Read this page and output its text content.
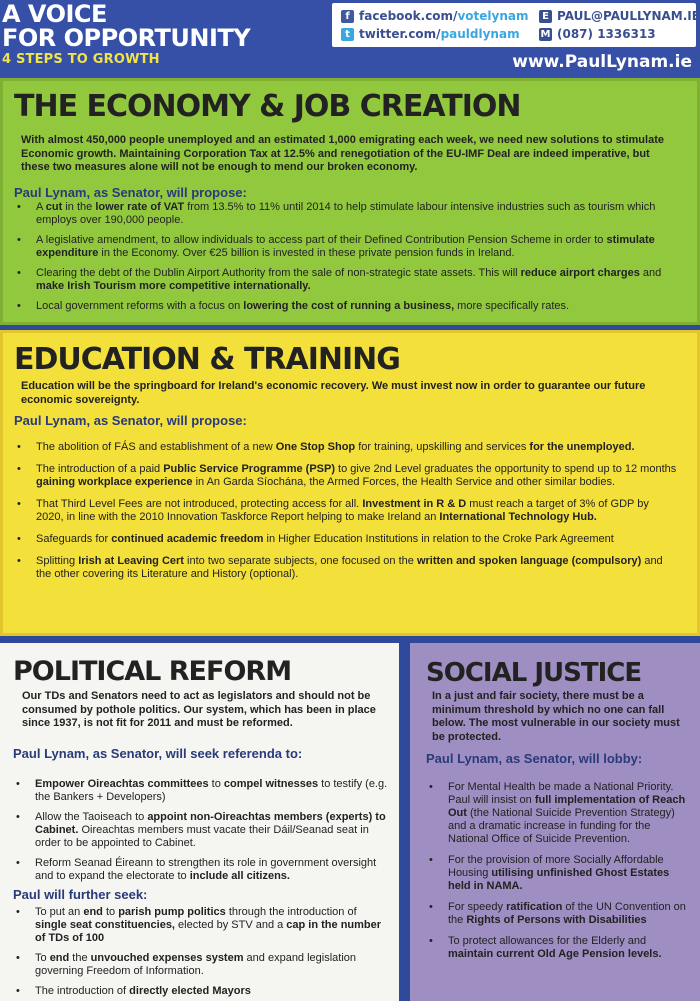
A VOICE
FOR OPPORTUNITY
4 STEPS TO GROWTH
f facebook.com/ votelynam
t twitter.com/ pauldlynam
E PAUL@PAULLYNAM.IE
M (087) 1336313
www.PaulLynam.ie
THE ECONOMY & JOB CREATION
With almost 450,000 people unemployed and an estimated 1,000 emigrating each week, we need new solutions to stimulate Economic growth. Maintaining Corporation Tax at 12.5% and renegotiation of the EU-IMF Deal are indeed imperative, but these two measures alone will not be enough to mend our broken economy.
Paul Lynam, as Senator, will propose:
• A cut in the lower rate of VAT from 13.5% to 11% until 2014 to help stimulate labour intensive industries such as tourism which employs over 190,000 people.
• A legislative amendment, to allow individuals to access part of their Defined Contribution Pension Scheme in order to stimulate expenditure in the Economy. Over €25 billion is invested in these private pension funds in Ireland.
• Clearing the debt of the Dublin Airport Authority from the sale of non-strategic state assets. This will reduce airport charges and make Irish Tourism more competitive internationally.
• Local government reforms with a focus on lowering the cost of running a business, more specifically rates.
EDUCATION & TRAINING
Education will be the springboard for Ireland's economic recovery. We must invest now in order to guarantee our future economic sovereignty.
Paul Lynam, as Senator, will propose:
• The abolition of FÁS and establishment of a new One Stop Shop for training, upskilling and services for the unemployed.
• The introduction of a paid Public Service Programme (PSP) to give 2nd Level graduates the opportunity to spend up to 12 months gaining workplace experience in An Garda Síochána, the Armed Forces, the Health Service and other similar bodies.
• That Third Level Fees are not introduced, protecting access for all. Investment in R & D must reach a target of 3% of GDP by 2020, in line with the 2010 Innovation Taskforce Report helping to make Ireland an International Technology Hub.
• Safeguards for continued academic freedom in Higher Education Institutions in relation to the Croke Park Agreement
• Splitting Irish at Leaving Cert into two separate subjects, one focused on the written and spoken language (compulsory) and the other covering its Literature and History (optional).
POLITICAL REFORM
Our TDs and Senators need to act as legislators and should not be consumed by pothole politics. Our system, which has been in place since 1937, is not fit for 2011 and must be reformed.
Paul Lynam, as Senator, will seek referenda to:
• Empower Oireachtas committees to compel witnesses to testify (e.g. the Bankers + Developers)
• Allow the Taoiseach to appoint non-Oireachtas members (experts) to Cabinet. Oireachtas members must vacate their Dáil/Seanad seat in order to be appointed to Cabinet.
• Reform Seanad Éireann to strengthen its role in government oversight and to expand the electorate to include all citizens.
Paul will further seek:
• To put an end to parish pump politics through the introduction of single seat constituencies, elected by STV and a cap in the number of TDs of 100
• To end the unvouched expenses system and expand legislation governing Freedom of Information.
• The introduction of directly elected Mayors
SOCIAL JUSTICE
In a just and fair society, there must be a minimum threshold by which no one can fall below. The most vulnerable in our society must be protected.
Paul Lynam, as Senator, will lobby:
• For Mental Health be made a National Priority. Paul will insist on full implementation of Reach Out (the National Suicide Prevention Strategy) and a dramatic increase in funding for the National Office of Suicide Prevention.
• For the provision of more Socially Affordable Housing utilising unfinished Ghost Estates held in NAMA.
• For speedy ratification of the UN Convention on the Rights of Persons with Disabilities
• To protect allowances for the Elderly and maintain current Old Age Pension levels.
